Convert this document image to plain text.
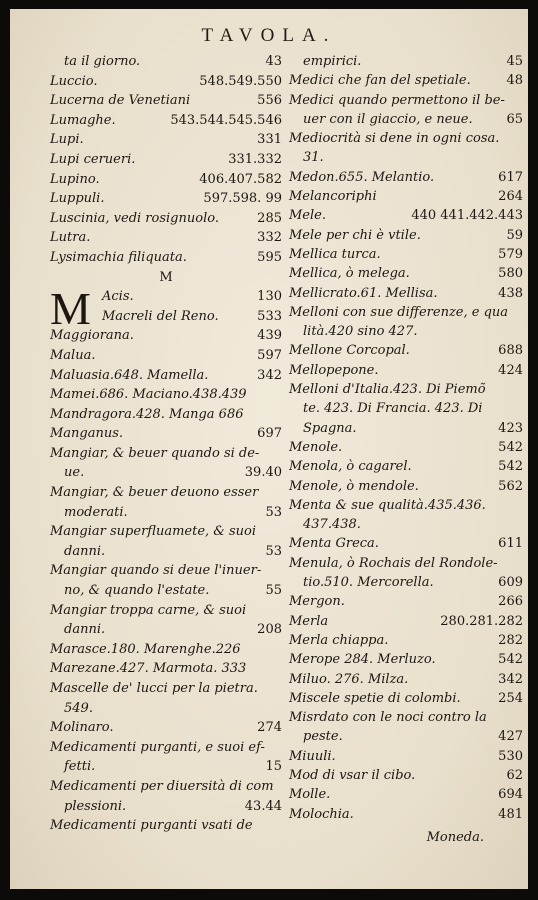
TAVOLA.
M
ta il giorno.	43
Luccio.	548.549.550
Lucerna de Venetiani	556
Lumaghe.	543.544.545.546
Lupi.	331
Lupi cerueri.	331.332
Lupino.	406.407.582
Luppuli.	597.598. 99
Luscinia, vedi rosignuolo.	285
Lutra.	332
Lysimachia filiquata.	595
M
Acis.	130
Macreli del Reno.	533
Maggiorana.	439
Malua.	597
Maluasia.648. Mamella.	342
Mamei.686. Maciano.438.439
Mandragora.428. Manga 686
Manganus.	697
Mangiar, & beuer quando si de-
ue.	39.40
Mangiar, & beuer deuono esser
moderati.	53
Mangiar superfluamete, & suoi
danni.	53
Mangiar quando si deue l'inuer-
no, & quando l'estate.	55
Mangiar troppa carne, & suoi
danni.	208
Marasce.180. Marenghe.226
Marezane.427. Marmota. 333
Mascelle de' lucci per la pietra.
549.
Molinaro.	274
Medicamenti purganti, e suoi ef-
fetti.	15
Medicamenti per diuersità di com
plessioni.	43.44
Medicamenti purganti vsati de
empirici.	45
Medici che fan del spetiale.	48
Medici quando permettono il be-
uer con il giaccio, e neue.	65
Mediocrità si dene in ogni cosa.
31.
Medon.655. Melantio.	617
Melancoriphi	264
Mele.	440 441.442.443
Mele per chi è vtile.	59
Mellica turca.	579
Mellica, ò melega.	580
Mellicrato.61. Mellisa.	438
Melloni con sue differenze, e qua
lità.420 sino 427.
Mellone Corcopal.	688
Mellopepone.	424
Melloni d'Italia.423. Di Piemõ
te. 423. Di Francia. 423. Di
Spagna.	423
Menole.	542
Menola, ò cagarel.	542
Menole, ò mendole.	562
Menta & sue qualità.435.436.
437.438.
Menta Greca.	611
Menula, ò Rochais del Rondole-
tio.510. Mercorella.	609
Mergon.	266
Merla	280.281.282
Merla chiappa.	282
Merope 284. Merluzo.	542
Miluo. 276. Milza.	342
Miscele spetie di colombi.	254
Misrdato con le noci contro la
peste.	427
Miuuli.	530
Mod di vsar il cibo.	62
Molle.	694
Molochia.	481
Moneda.
